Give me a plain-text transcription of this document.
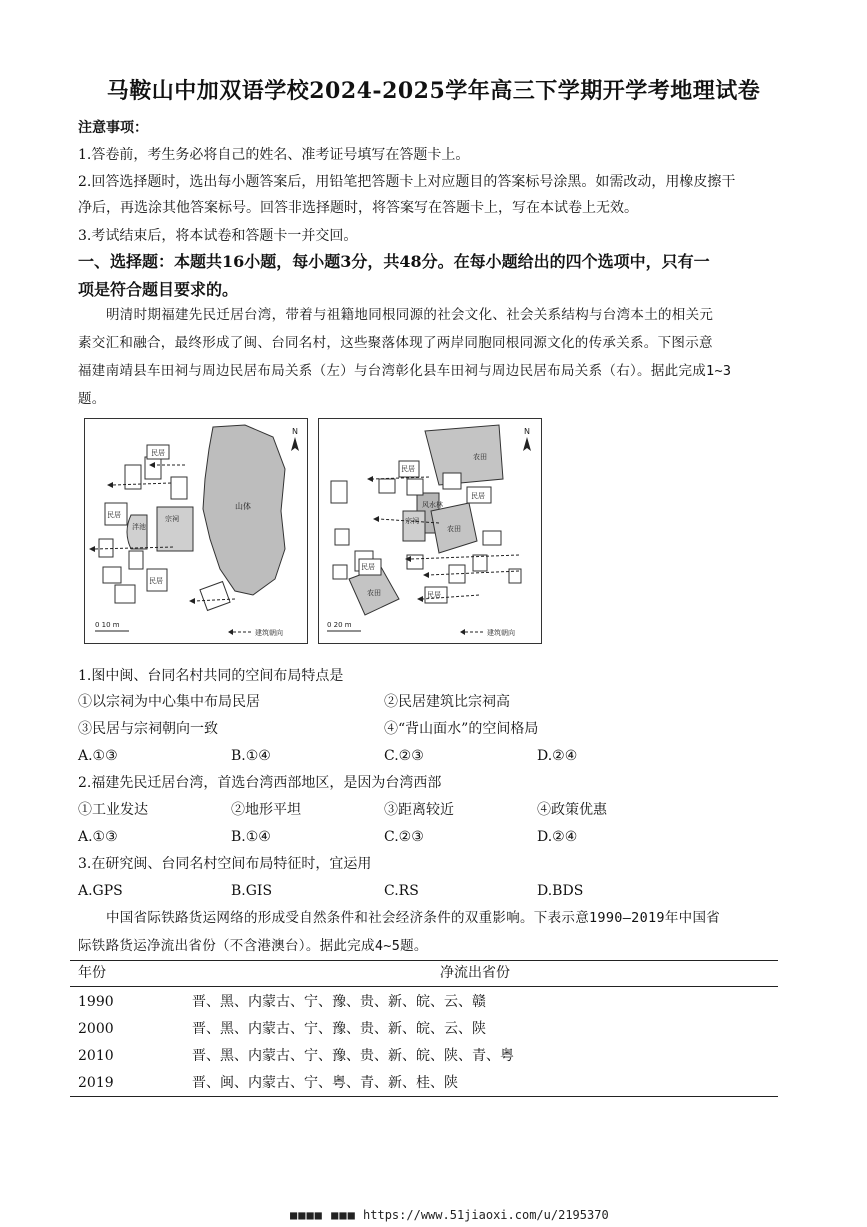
马鞍山中加双语学校2024-2025学年高三下学期开学考地理试卷
注意事项：
1.答卷前，考生务必将自己的姓名、准考证号填写在答题卡上。
2.回答选择题时，选出每小题答案后，用铅笔把答题卡上对应题目的答案标号涂黑。如需改动，用橡皮擦干
净后，再选涂其他答案标号。回答非选择题时，将答案写在答题卡上，写在本试卷上无效。
3.考试结束后，将本试卷和答题卡一并交回。
一、选择题：本题共16小题，每小题3分，共48分。在每小题给出的四个选项中，只有一
项是符合题目要求的。
明清时期福建先民迁居台湾，带着与祖籍地同根同源的社会文化、社会关系结构与台湾本土的相关元
素交汇和融合，最终形成了闽、台同名村，这些聚落体现了两岸同胞同根同源文化的传承关系。下图示意
福建南靖县车田祠与周边民居布局关系（左）与台湾彰化县车田祠与周边民居布局关系（右）。据此完成1~3
题。
山体
民居
民居
民居
泮池
宗祠
N
0 10 m
建筑朝向
农田
风水林
宗祠
农田
农田
民居
民居
民居
民居
N
0 20 m
建筑朝向
1.图中闽、台同名村共同的空间布局特点是
①以宗祠为中心集中布局民居	②民居建筑比宗祠高
③民居与宗祠朝向一致	④“背山面水”的空间格局
A.①③	B.①④	C.②③	D.②④
2.福建先民迁居台湾，首选台湾西部地区，是因为台湾西部
①工业发达	②地形平坦	③距离较近	④政策优惠
A.①③	B.①④	C.②③	D.②④
3.在研究闽、台同名村空间布局特征时，宜运用
A.GPS	B.GIS	C.RS	D.BDS
中国省际铁路货运网络的形成受自然条件和社会经济条件的双重影响。下表示意1990—2019年中国省
际铁路货运净流出省份（不含港澳台）。据此完成4~5题。
年份	净流出省份
1990	晋、黑、内蒙古、宁、豫、贵、新、皖、云、赣
2000	晋、黑、内蒙古、宁、豫、贵、新、皖、云、陕
2010	晋、黑、内蒙古、宁、豫、贵、新、皖、陕、青、粤
2019	晋、闽、内蒙古、宁、粤、青、新、桂、陕
■■■■ ■■■ https://www.51jiaoxi.com/u/2195370
